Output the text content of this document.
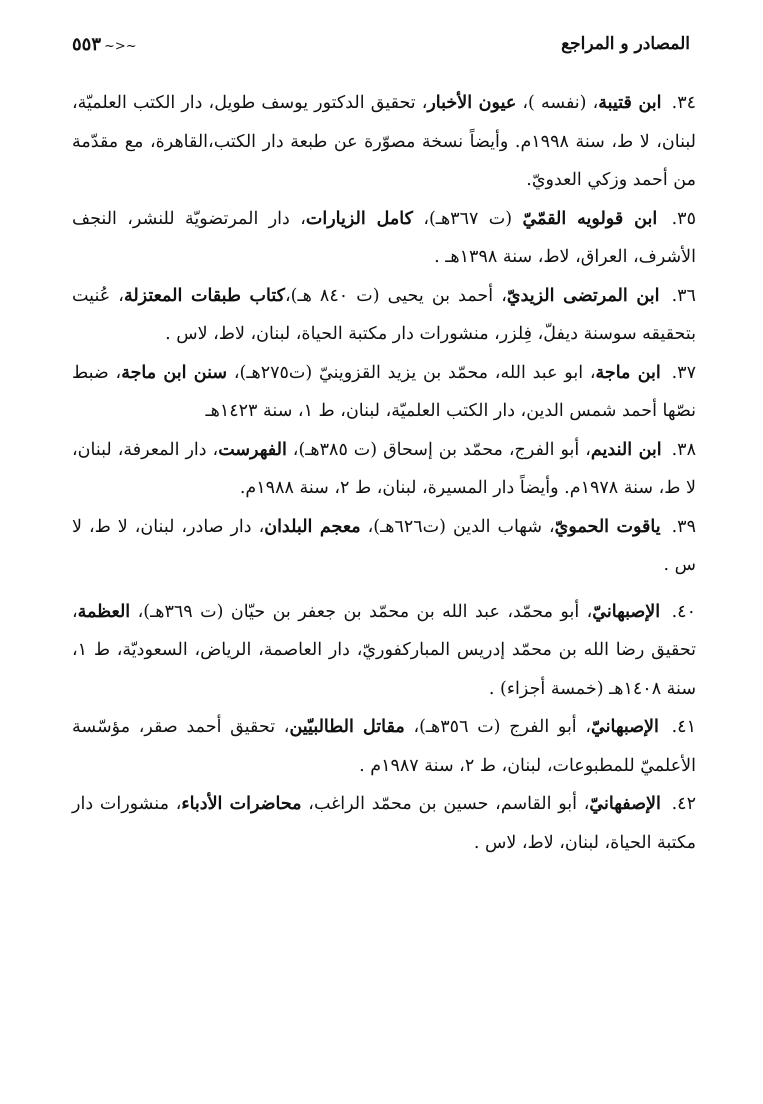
المصادر و المراجع
~<~٥٥٣

٣٤. ابن قتيبة، (نفسه )، عيون الأخبار، تحقيق الدكتور يوسف طويل، دار الكتب العلميّة، لبنان، لا ط، سنة ١٩٩٨م. وأيضاً نسخة مصوّرة عن طبعة دار الكتب،القاهرة، مع مقدّمة من أحمد وزكي العدويّ.

٣٥. ابن قولويه القمّيّ (ت ٣٦٧هـ)، كامل الزيارات، دار المرتضويّة للنشر، النجف الأشرف، العراق، لاط، سنة ١٣٩٨هـ .

٣٦. ابن المرتضى الزيديّ، أحمد بن يحيى (ت ٨٤٠ هـ)،كتاب طبقات المعتزلة، عُنيت بتحقيقه سوسنة ديفلّ، فِلزر، منشورات دار مكتبة الحياة، لبنان، لاط، لاس .

٣٧. ابن ماجة، ابو عبد الله، محمّد بن يزيد القزوينيّ (ت٢٧٥هـ)، سنن ابن ماجة، ضبط نصّها أحمد شمس الدين، دار الكتب العلميّة، لبنان، ط ١، سنة ١٤٢٣هـ

٣٨. ابن النديم، أبو الفرج، محمّد بن إسحاق (ت ٣٨٥هـ)، الفهرست، دار المعرفة، لبنان، لا ط، سنة ١٩٧٨م. وأيضاً دار المسيرة، لبنان، ط ٢، سنة ١٩٨٨م.

٣٩. ياقوت الحمويّ، شهاب الدين (ت٦٢٦هـ)، معجم البلدان، دار صادر، لبنان، لا ط، لا س .

٤٠. الإصبهانيّ، أبو محمّد، عبد الله بن محمّد بن جعفر بن حيّان (ت ٣٦٩هـ)، العظمة، تحقيق رضا الله بن محمّد إدريس المباركفوريّ، دار العاصمة، الرياض، السعوديّة، ط ١، سنة ١٤٠٨هـ (خمسة أجزاء) .

٤١. الإصبهانيّ، أبو الفرج (ت ٣٥٦هـ)، مقاتل الطالبيّين، تحقيق أحمد صقر، مؤسّسة الأعلميّ للمطبوعات، لبنان، ط ٢، سنة ١٩٨٧م .

٤٢. الإصفهانيّ، أبو القاسم، حسين بن محمّد الراغب، محاضرات الأدباء، منشورات دار مكتبة الحياة، لبنان، لاط، لاس .
